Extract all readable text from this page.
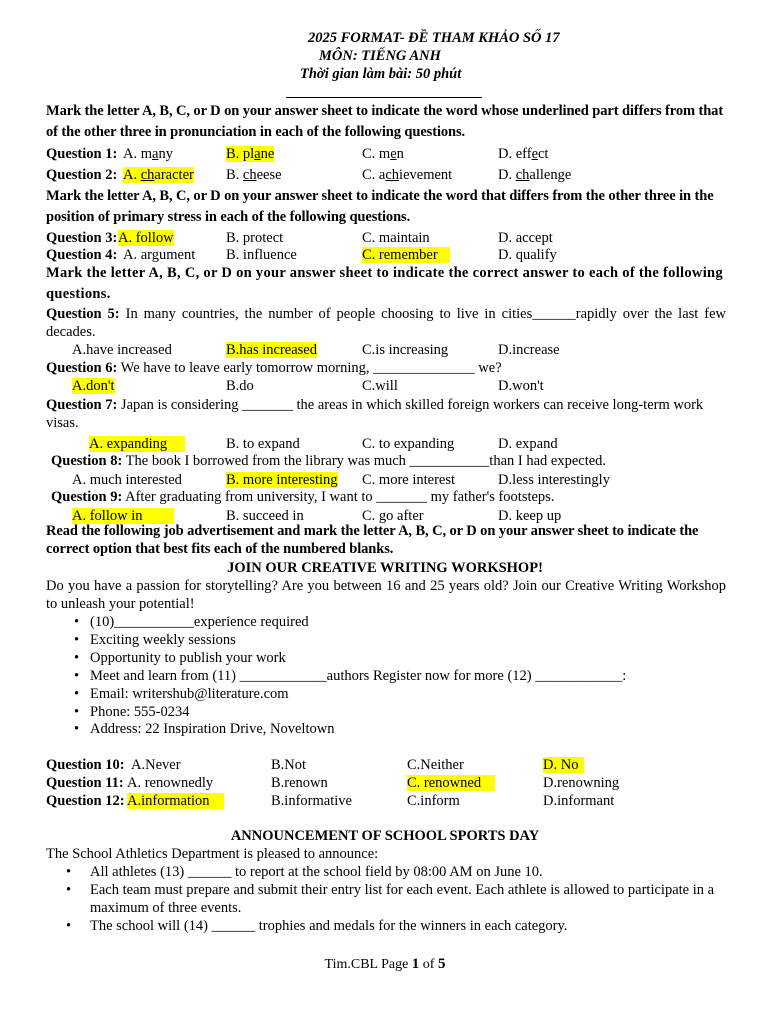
2025 FORMAT- ĐỀ THAM KHẢO SỐ 17
MÔN: TIẾNG ANH
Thời gian làm bài: 50 phút
Mark the letter A, B, C, or D on your answer sheet to indicate the word whose underlined part differs from that of the other three in pronunciation in each of the following questions.
Question 1: A. many	B. plane	C. men	D. effect
Question 2: A. character B. cheese	C. achievement	D. challenge
Mark the letter A, B, C, or D on your answer sheet to indicate the word that differs from the other three in the position of primary stress in each of the following questions.
Question 3: A. follow	B. protect	C. maintain	D. accept
Question 4: A. argument B. influence	C. remember	D. qualify
Mark the letter A, B, C, or D on your answer sheet to indicate the correct answer to each of the following questions.
Question 5: In many countries, the number of people choosing to live in cities______rapidly over the last few decades.
A.have increased	B.has increased	C.is increasing	D.increase
Question 6: We have to leave early tomorrow morning, ______________ we?
A.don't	B.do	C.will	D.won't
Question 7: Japan is considering _______ the areas in which skilled foreign workers can receive long-term work visas.
A. expanding	B. to expand	C. to expanding	D. expand
Question 8: The book I borrowed from the library was much ___________than I had expected.
A. much interested	B. more interesting C. more interest	D.less interestingly
Question 9: After graduating from university, I want to _______ my father's footsteps.
A. follow in	B. succeed in	C. go after	D. keep up
Read the following job advertisement and mark the letter A, B, C, or D on your answer sheet to indicate the correct option that best fits each of the numbered blanks.
JOIN OUR CREATIVE WRITING WORKSHOP!
Do you have a passion for storytelling? Are you between 16 and 25 years old? Join our Creative Writing Workshop to unleash your potential!
• (10)___________experience required
• Exciting weekly sessions
• Opportunity to publish your work
• Meet and learn from (11) ____________authors Register now for more (12) ____________:
• Email: writershub@literature.com
• Phone: 555-0234
• Address: 22 Inspiration Drive, Noveltown
Question 10: A.Never	B.Not	C.Neither	D. No
Question 11: A. renownedly	B.renown	C. renowned	D.renowning
Question 12: A.information	B.informative	C.inform	D.informant
ANNOUNCEMENT OF SCHOOL SPORTS DAY
The School Athletics Department is pleased to announce:
• All athletes (13) ______ to report at the school field by 08:00 AM on June 10.
• Each team must prepare and submit their entry list for each event. Each athlete is allowed to participate in a maximum of three events.
• The school will (14) ______ trophies and medals for the winners in each category.
Tim.CBL Page 1 of 5
